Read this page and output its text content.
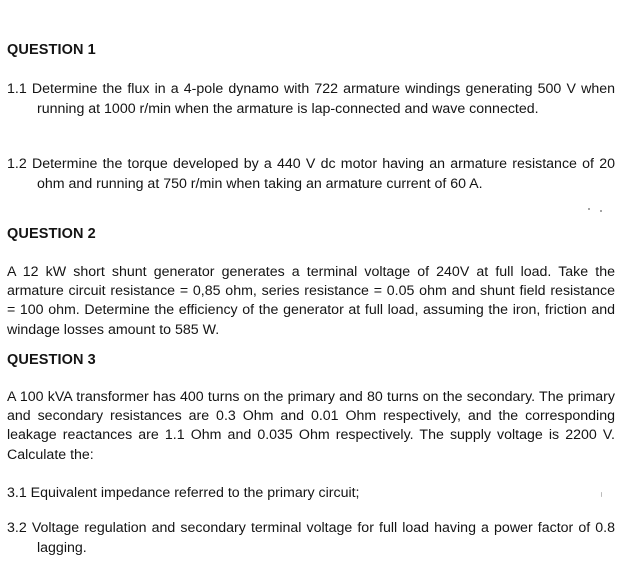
QUESTION 1
1.1 Determine the flux in a 4-pole dynamo with 722 armature windings generating 500 V when running at 1000 r/min when the armature is lap-connected and wave connected.
1.2 Determine the torque developed by a 440 V dc motor having an armature resistance of 20 ohm and running at 750 r/min when taking an armature current of 60 A.
QUESTION 2
A 12 kW short shunt generator generates a terminal voltage of 240V at full load. Take the armature circuit resistance = 0,85 ohm, series resistance = 0.05 ohm and shunt field resistance = 100 ohm. Determine the efficiency of the generator at full load, assuming the iron, friction and windage losses amount to 585 W.
QUESTION 3
A 100 kVA transformer has 400 turns on the primary and 80 turns on the secondary. The primary and secondary resistances are 0.3 Ohm and 0.01 Ohm respectively, and the corresponding leakage reactances are 1.1 Ohm and 0.035 Ohm respectively. The supply voltage is 2200 V. Calculate the:
3.1 Equivalent impedance referred to the primary circuit;
3.2 Voltage regulation and secondary terminal voltage for full load having a power factor of 0.8 lagging.
